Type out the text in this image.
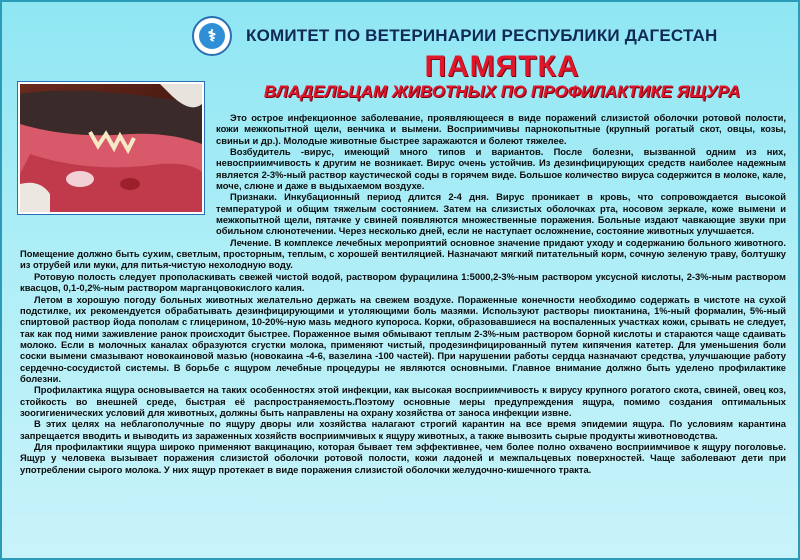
⚕	КОМИТЕТ ПО ВЕТЕРИНАРИИ РЕСПУБЛИКИ ДАГЕСТАН
ПАМЯТКА
ВЛАДЕЛЬЦАМ ЖИВОТНЫХ ПО ПРОФИЛАКТИКЕ ЯЩУРА

Это острое инфекционное заболевание, проявляющееся в виде поражений слизистой оболочки ротовой полости, кожи межкопытной щели, венчика и вымени. Восприимчивы парнокопытные (крупный рогатый скот, овцы, козы, свиньи и др.). Молодые животные быстрее заражаются и болеют тяжелее.

Возбудитель -вирус, имеющий много типов и вариантов. После болезни, вызванной одним из них, невосприимчивость к другим не возникает. Вирус очень устойчив. Из дезинфицирующих средств наиболее надежным является 2-3%-ный раствор каустической соды в горячем виде. Большое количество вируса содержится в молоке, кале, моче, слюне и даже в выдыхаемом воздухе.

Признаки. Инкубационный период длится 2-4 дня. Вирус проникает в кровь, что сопровождается высокой температурой и общим тяжелым состоянием. Затем на слизистых оболочках рта, носовом зеркале, коже вымени и межкопытной щели, пятачке у свиней появляются множественные поражения. Больные издают чавкающие звуки при обильном слюнотечении. Через несколько дней, если не наступает осложнение, состояние животных улучшается.

Лечение. В комплексе лечебных мероприятий основное значение придают уходу и содержанию больного животного. Помещение должно быть сухим, светлым, просторным, теплым, с хорошей вентиляцией. Назначают мягкий питательный корм, сочную зеленую траву, болтушку из отрубей или муки, для питья-чистую нехолодную воду.

Ротовую полость следует прополаскивать свежей чистой водой, раствором фурацилина 1:5000,2-3%-ным раствором уксусной кислоты, 2-3%-ным раствором квасцов, 0,1-0,2%-ным раствором марганцовокислого калия.

Летом в хорошую погоду больных животных желательно держать на свежем воздухе. Пораженные конечности необходимо содержать в чистоте на сухой подстилке, их рекомендуется обрабатывать дезинфицирующими и утоляющими боль мазями. Используют растворы пиоктанина, 1%-ный формалин, 5%-ный спиртовой раствор йода пополам с глицерином, 10-20%-ную мазь медного купороса. Корки, образовавшиеся на воспаленных участках кожи, срывать не следует, так как под ними заживление ранок происходит быстрее. Пораженное вымя обмывают теплым 2-3%-ным раствором борной кислоты и стараются чаще сдаивать молоко. Если в молочных каналах образуются сгустки молока, применяют чистый, продезинфицированный путем кипячения катетер. Для уменьшения боли соски вымени смазывают новокаиновой мазью (новокаина -4-6, вазелина -100 частей). При нарушении работы сердца назначают средства, улучшающие работу сердечно-сосудистой системы. В борьбе с ящуром лечебные процедуры не являются основными. Главное внимание должно быть уделено профилактике болезни.

Профилактика ящура основывается на таких особенностях этой инфекции, как высокая восприимчивость к вирусу крупного рогатого скота, свиней, овец коз, стойкость во внешней среде, быстрая её распространяемость.Поэтому основные меры предупреждения ящура, помимо создания оптимальных зоогигиенических условий для животных, должны быть направлены на охрану хозяйства от заноса инфекции извне.

В этих целях на неблагополучные по ящуру дворы или хозяйства налагают строгий карантин на все время эпидемии ящура. По условиям карантина запрещается вводить и выводить из зараженных хозяйств восприимчивых к ящуру животных, а также вывозить сырые продукты животноводства.

Для профилактики ящура широко применяют вакцинацию, которая бывает тем эффективнее, чем более полно охвачено восприимчивое к ящуру поголовье. Ящур у человека вызывает поражения слизистой оболочки ротовой полости, кожи ладоней и межпальцевых поверхностей. Чаще заболевают дети при употреблении сырого молока. У них ящур протекает в виде поражения слизистой оболочки желудочно-кишечного тракта.
